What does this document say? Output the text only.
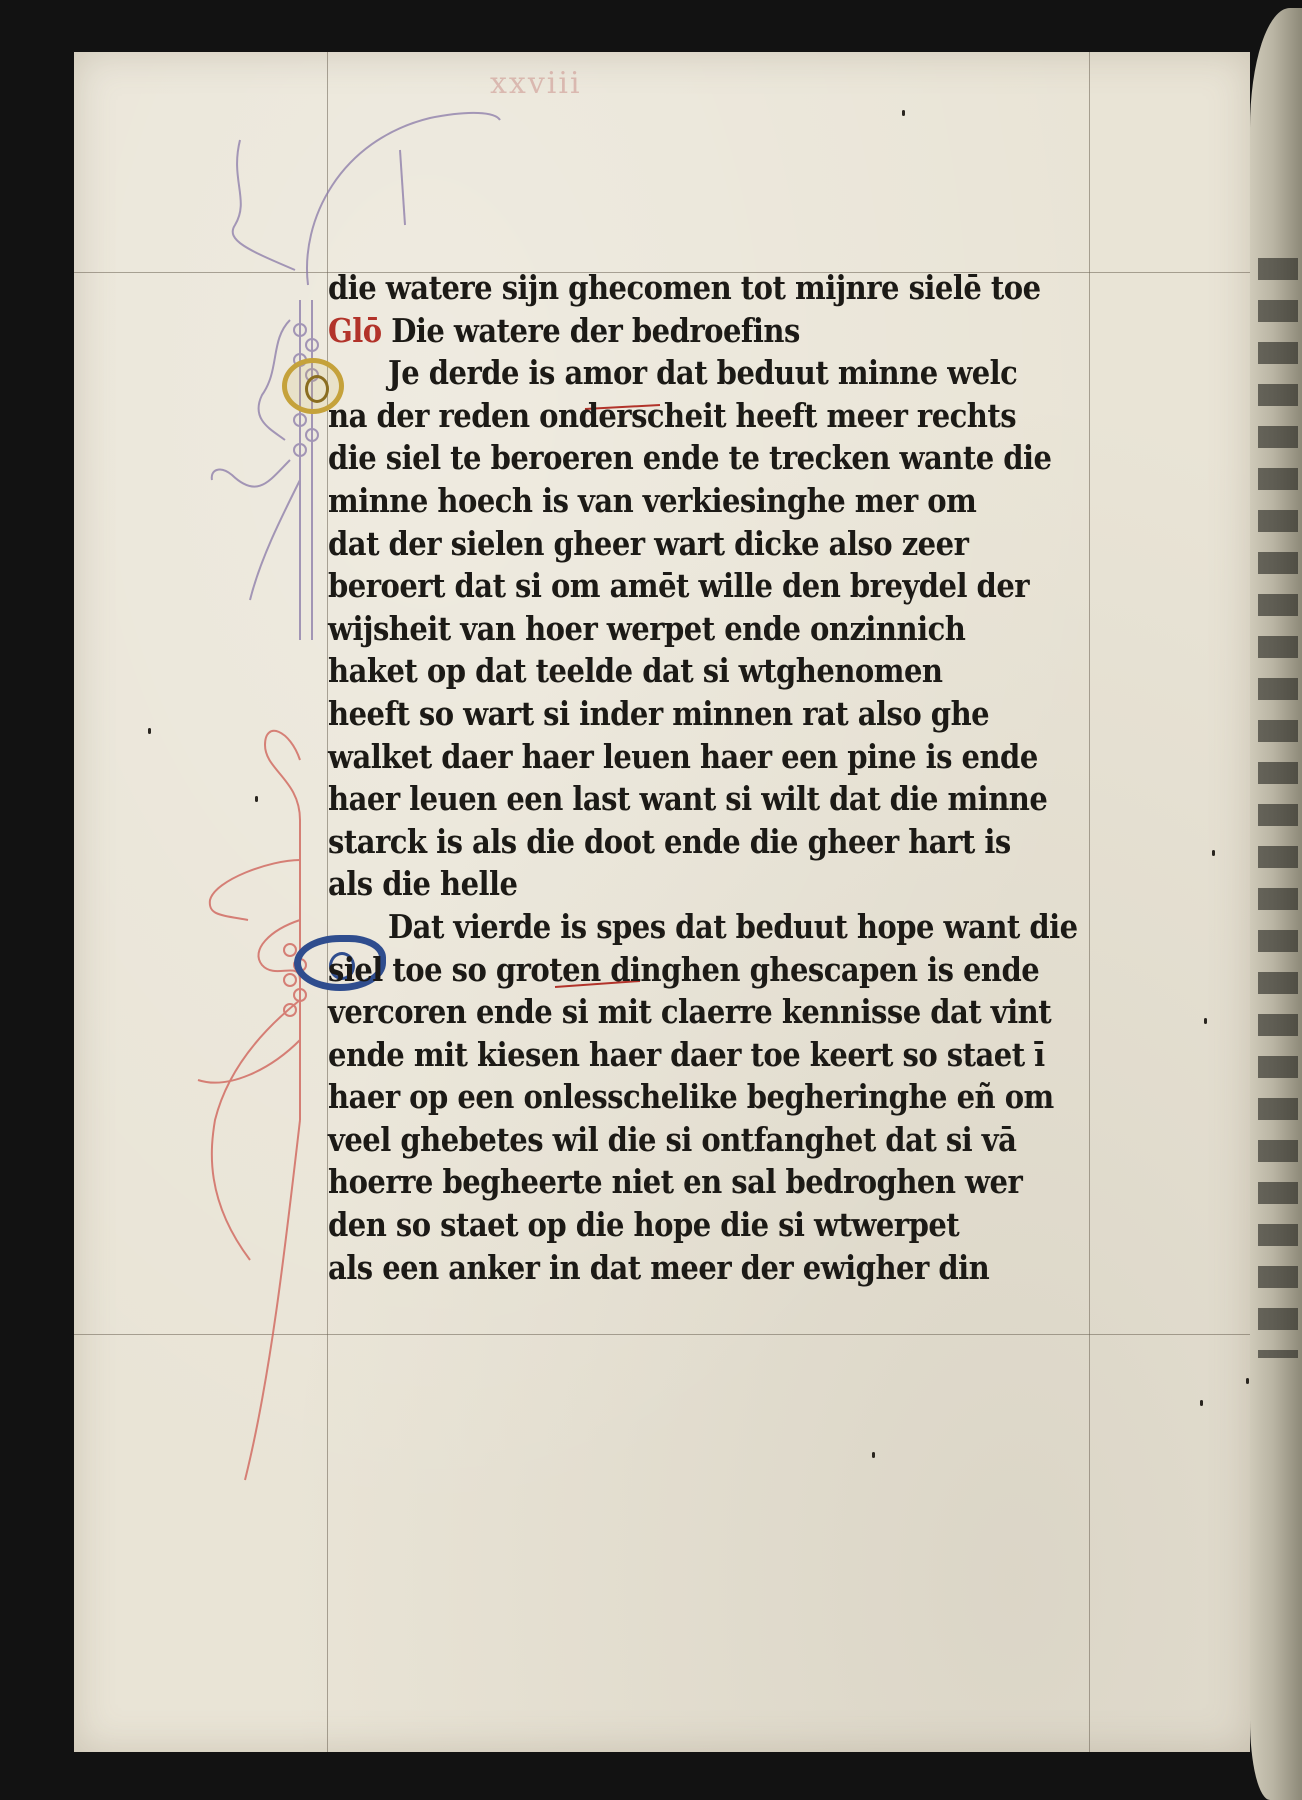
xxviii
die watere sijn ghecomen tot mijnre sielē toe
Glō Die watere der bedroefins
Je derde is amor dat beduut minne welc
na der reden onderscheit heeft meer rechts
die siel te beroeren ende te trecken wante die
minne hoech is van verkiesinghe mer om
dat der sielen gheer wart dicke also zeer
beroert dat si om amēt wille den breydel der
wijsheit van hoer werpet ende onzinnich
haket op dat teelde dat si wtghenomen
heeft so wart si inder minnen rat also ghe
walket daer haer leuen haer een pine is ende
haer leuen een last want si wilt dat die minne
starck is als die doot ende die gheer hart is
als die helle
Dat vierde is spes dat beduut hope want die
siel toe so groten dinghen ghescapen is ende
vercoren ende si mit claerre kennisse dat vint
ende mit kiesen haer daer toe keert so staet ī
haer op een onlesschelike begheringhe eñ om
veel ghebetes wil die si ontfanghet dat si vā
hoerre begheerte niet en sal bedroghen wer
den so staet op die hope die si wtwerpet
als een anker in dat meer der ewigher din
